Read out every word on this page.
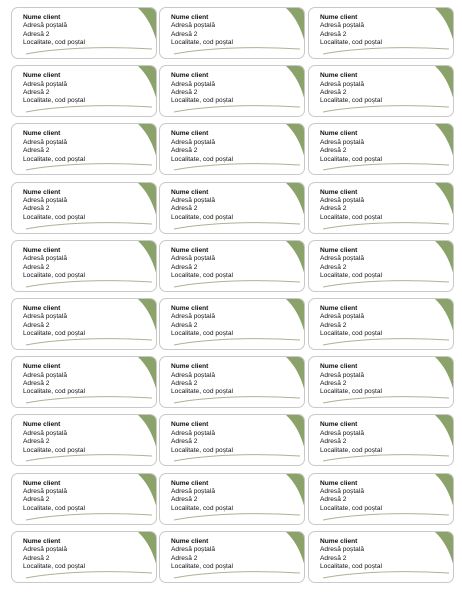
Nume client
Adresă poștală
Adresă 2
Localitate, cod poștal
Nume client
Adresă poștală
Adresă 2
Localitate, cod poștal
Nume client
Adresă poștală
Adresă 2
Localitate, cod poștal
Nume client
Adresă poștală
Adresă 2
Localitate, cod poștal
Nume client
Adresă poștală
Adresă 2
Localitate, cod poștal
Nume client
Adresă poștală
Adresă 2
Localitate, cod poștal
Nume client
Adresă poștală
Adresă 2
Localitate, cod poștal
Nume client
Adresă poștală
Adresă 2
Localitate, cod poștal
Nume client
Adresă poștală
Adresă 2
Localitate, cod poștal
Nume client
Adresă poștală
Adresă 2
Localitate, cod poștal
Nume client
Adresă poștală
Adresă 2
Localitate, cod poștal
Nume client
Adresă poștală
Adresă 2
Localitate, cod poștal
Nume client
Adresă poștală
Adresă 2
Localitate, cod poștal
Nume client
Adresă poștală
Adresă 2
Localitate, cod poștal
Nume client
Adresă poștală
Adresă 2
Localitate, cod poștal
Nume client
Adresă poștală
Adresă 2
Localitate, cod poștal
Nume client
Adresă poștală
Adresă 2
Localitate, cod poștal
Nume client
Adresă poștală
Adresă 2
Localitate, cod poștal
Nume client
Adresă poștală
Adresă 2
Localitate, cod poștal
Nume client
Adresă poștală
Adresă 2
Localitate, cod poștal
Nume client
Adresă poștală
Adresă 2
Localitate, cod poștal
Nume client
Adresă poștală
Adresă 2
Localitate, cod poștal
Nume client
Adresă poștală
Adresă 2
Localitate, cod poștal
Nume client
Adresă poștală
Adresă 2
Localitate, cod poștal
Nume client
Adresă poștală
Adresă 2
Localitate, cod poștal
Nume client
Adresă poștală
Adresă 2
Localitate, cod poștal
Nume client
Adresă poștală
Adresă 2
Localitate, cod poștal
Nume client
Adresă poștală
Adresă 2
Localitate, cod poștal
Nume client
Adresă poștală
Adresă 2
Localitate, cod poștal
Nume client
Adresă poștală
Adresă 2
Localitate, cod poștal
